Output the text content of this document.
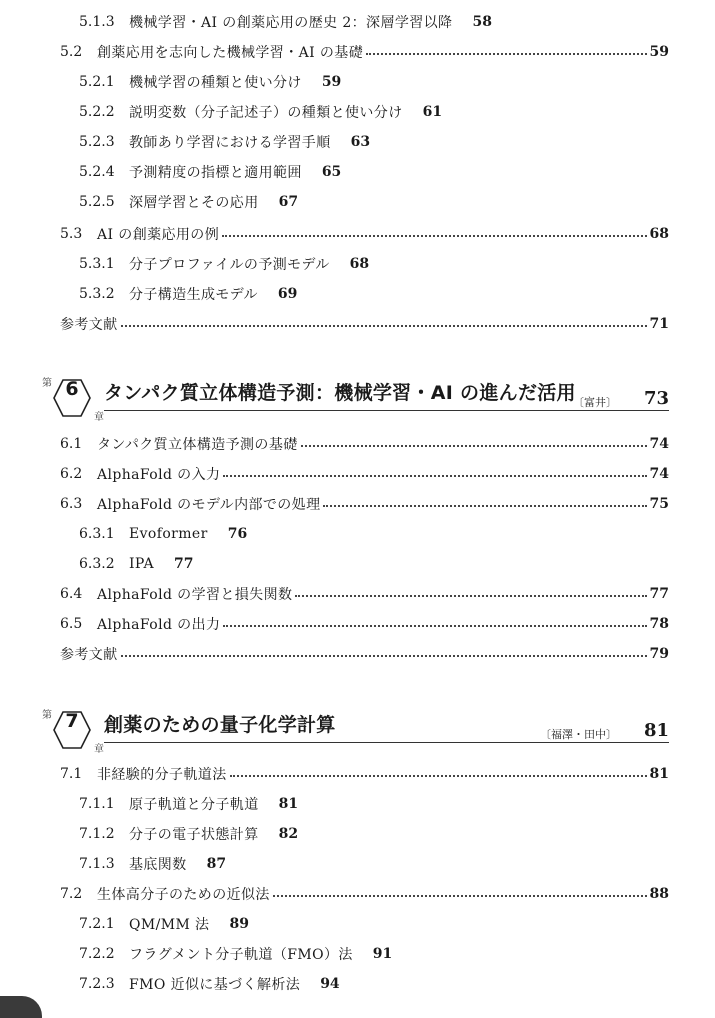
5.1.3	機械学習・AI の創薬応用の歴史 2：深層学習以降 58
5.2	創薬応用を志向した機械学習・AI の基礎	59
5.2.1	機械学習の種類と使い分け 59
5.2.2	説明変数（分子記述子）の種類と使い分け 61
5.2.3	教師あり学習における学習手順 63
5.2.4	予測精度の指標と適用範囲 65
5.2.5	深層学習とその応用 67
5.3	AI の創薬応用の例	68
5.3.1	分子プロファイルの予測モデル 68
5.3.2	分子構造生成モデル 69
参考文献	71
第 6
章
タンパク質立体構造予測：機械学習・AI の進んだ活用
〔富井〕 73
6.1	タンパク質立体構造予測の基礎	74
6.2	AlphaFold の入力	74
6.3	AlphaFold のモデル内部での処理	75
6.3.1	Evoformer 76
6.3.2	IPA 77
6.4	AlphaFold の学習と損失関数	77
6.5	AlphaFold の出力	78
参考文献	79
第 7
章
創薬のための量子化学計算	〔福澤・田中〕 81
7.1	非経験的分子軌道法	81
7.1.1	原子軌道と分子軌道 81
7.1.2	分子の電子状態計算 82
7.1.3	基底関数 87
7.2	生体高分子のための近似法	88
7.2.1	QM/MM 法 89
7.2.2	フラグメント分子軌道（FMO）法 91
7.2.3	FMO 近似に基づく解析法 94
